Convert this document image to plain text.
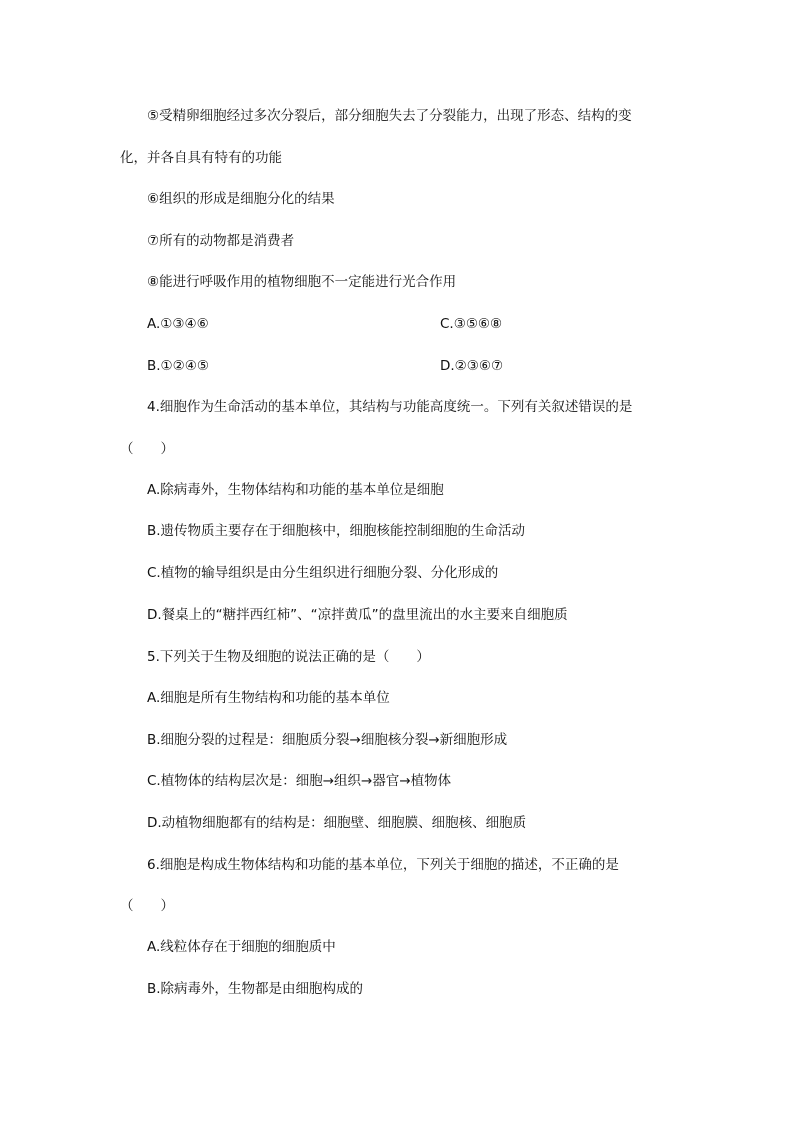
⑤受精卵细胞经过多次分裂后，部分细胞失去了分裂能力，出现了形态、结构的变
化，并各自具有特有的功能
⑥组织的形成是细胞分化的结果
⑦所有的动物都是消费者
⑧能进行呼吸作用的植物细胞不一定能进行光合作用
A.①③④⑥	C.③⑤⑥⑧
B.①②④⑤	D.②③⑥⑦
4.细胞作为生命活动的基本单位，其结构与功能高度统一。下列有关叙述错误的是
（　　）
A.除病毒外，生物体结构和功能的基本单位是细胞
B.遗传物质主要存在于细胞核中，细胞核能控制细胞的生命活动
C.植物的输导组织是由分生组织进行细胞分裂、分化形成的
D.餐桌上的“糖拌西红柿”、“凉拌黄瓜”的盘里流出的水主要来自细胞质
5.下列关于生物及细胞的说法正确的是（　　）
A.细胞是所有生物结构和功能的基本单位
B.细胞分裂的过程是：细胞质分裂→细胞核分裂→新细胞形成
C.植物体的结构层次是：细胞→组织→器官→植物体
D.动植物细胞都有的结构是：细胞壁、细胞膜、细胞核、细胞质
6.细胞是构成生物体结构和功能的基本单位，下列关于细胞的描述，不正确的是
（　　）
A.线粒体存在于细胞的细胞质中
B.除病毒外，生物都是由细胞构成的
